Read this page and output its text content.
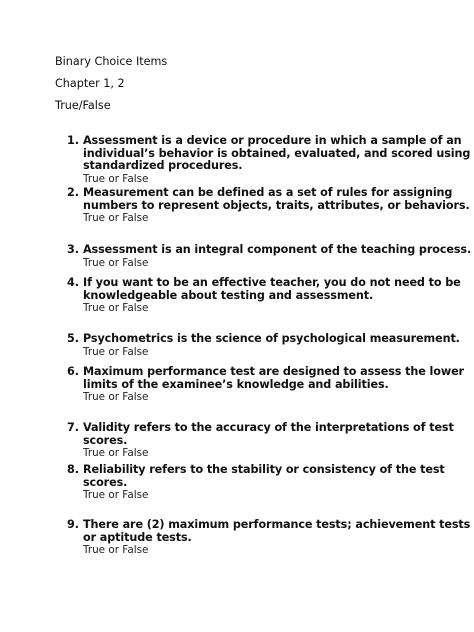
Binary Choice Items
Chapter 1, 2
True/False
1. Assessment is a device or procedure in which a sample of an
individual’s behavior is obtained, evaluated, and scored using
standardized procedures.
True or False
2. Measurement can be defined as a set of rules for assigning
numbers to represent objects, traits, attributes, or behaviors.
True or False
3. Assessment is an integral component of the teaching process.
True or False
4. If you want to be an effective teacher, you do not need to be
knowledgeable about testing and assessment.
True or False
5. Psychometrics is the science of psychological measurement.
True or False
6. Maximum performance test are designed to assess the lower
limits of the examinee’s knowledge and abilities.
True or False
7. Validity refers to the accuracy of the interpretations of test
scores.
True or False
8. Reliability refers to the stability or consistency of the test
scores.
True or False
9. There are (2) maximum performance tests; achievement tests
or aptitude tests.
True or False
